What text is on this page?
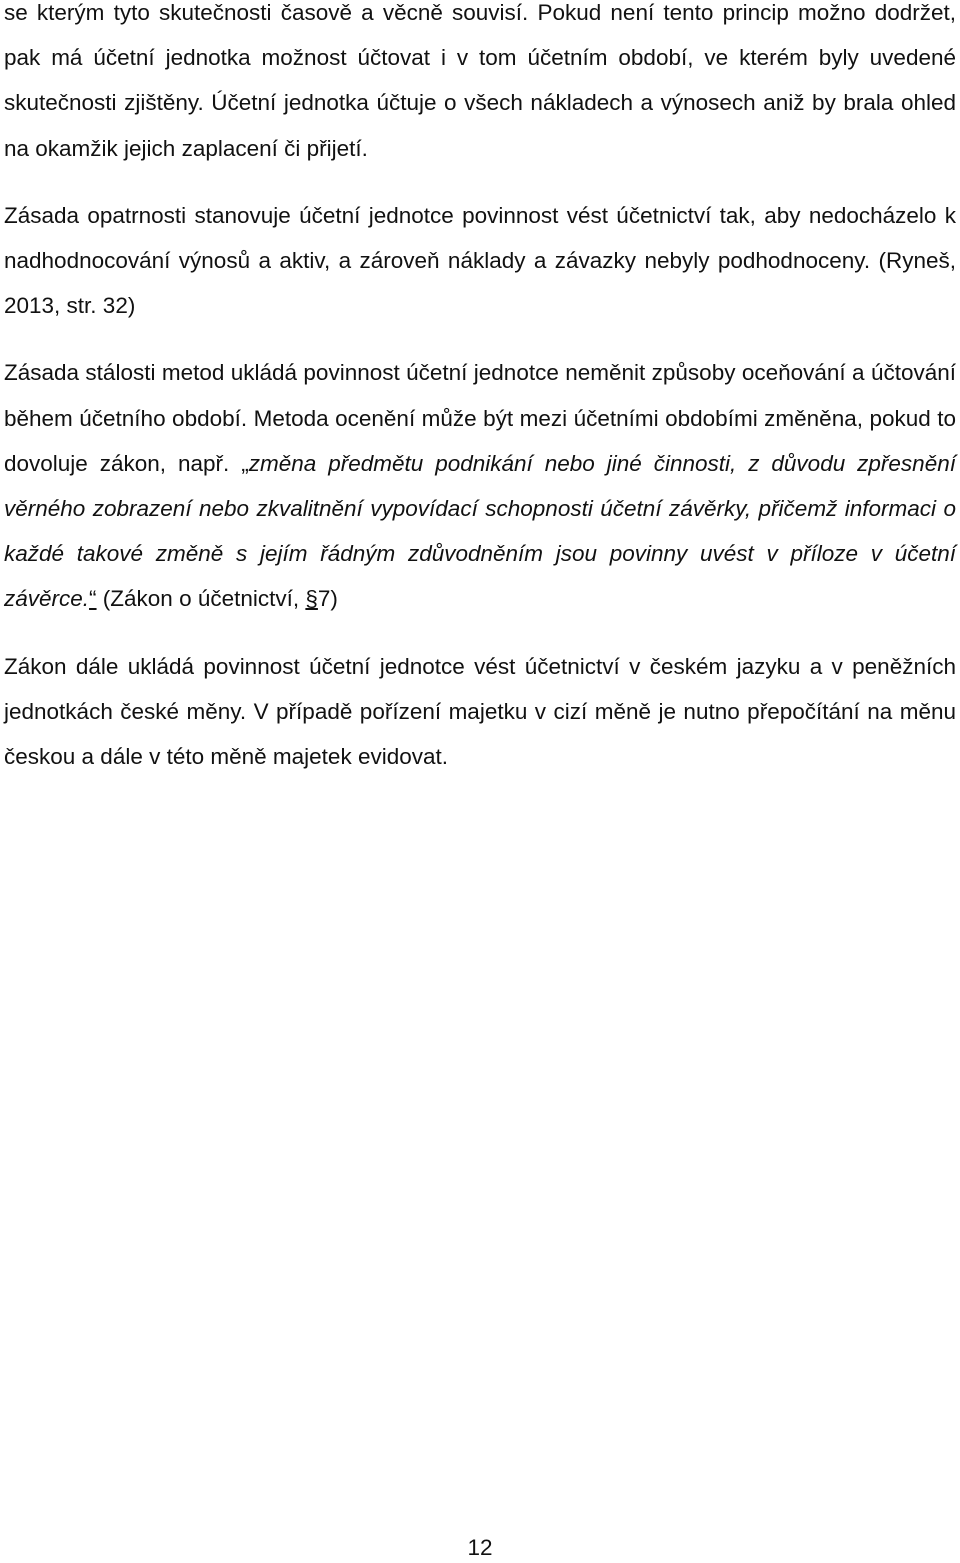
se kterým tyto skutečnosti časově a věcně souvisí. Pokud není tento princip možno dodržet, pak má účetní jednotka možnost účtovat i v tom účetním období, ve kterém byly uvedené skutečnosti zjištěny. Účetní jednotka účtuje o všech nákladech a výnosech aniž by brala ohled na okamžik jejich zaplacení či přijetí.

Zásada opatrnosti stanovuje účetní jednotce povinnost vést účetnictví tak, aby nedocházelo k nadhodnocování výnosů a aktiv, a zároveň náklady a závazky nebyly podhodnoceny. (Ryneš, 2013, str. 32)

Zásada stálosti metod ukládá povinnost účetní jednotce neměnit způsoby oceňování a účtování během účetního období. Metoda ocenění může být mezi účetními obdobími změněna, pokud to dovoluje zákon, např. „změna předmětu podnikání nebo jiné činnosti, z důvodu zpřesnění věrného zobrazení nebo zkvalitnění vypovídací schopnosti účetní závěrky, přičemž informaci o každé takové změně s jejím řádným zdůvodněním jsou povinny uvést v příloze v účetní závěrce.“ (Zákon o účetnictví, §7)

Zákon dále ukládá povinnost účetní jednotce vést účetnictví v českém jazyku a v peněžních jednotkách české měny. V případě pořízení majetku v cizí měně je nutno přepočítání na měnu českou a dále v této měně majetek evidovat.

12
